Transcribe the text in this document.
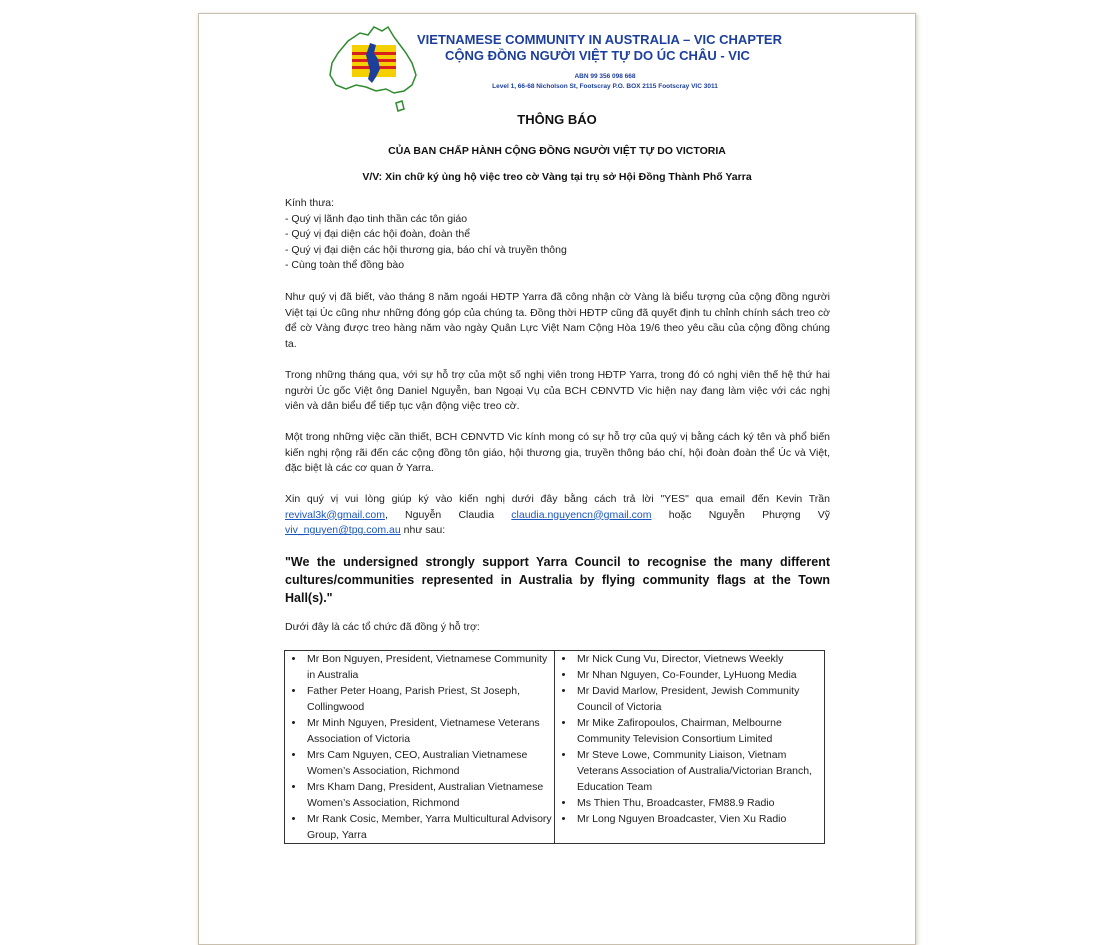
VIETNAMESE COMMUNITY IN AUSTRALIA – VIC CHAPTER
CỘNG ĐỒNG NGƯỜI VIỆT TỰ DO ÚC CHÂU - VIC
ABN 99 356 098 668
Level 1, 66-68 Nicholson St, Footscray P.O. BOX 2115 Footscray VIC 3011
THÔNG BÁO
CỦA BAN CHẤP HÀNH CỘNG ĐỒNG NGƯỜI VIỆT TỰ DO VICTORIA
V/V: Xin chữ ký ủng hộ việc treo cờ Vàng tại trụ sở Hội Đồng Thành Phố Yarra
Kính thưa:
- Quý vị lãnh đạo tinh thần các tôn giáo
- Quý vị đại diện các hội đoàn, đoàn thể
- Quý vị đại diện các hội thương gia, báo chí và truyền thông
- Cùng toàn thể đồng bào
Như quý vị đã biết, vào tháng 8 năm ngoái HĐTP Yarra đã công nhận cờ Vàng là biểu tượng của cộng đồng người Việt tại Úc cũng như những đóng góp của chúng ta. Đồng thời HĐTP cũng đã quyết định tu chỉnh chính sách treo cờ để cờ Vàng được treo hàng năm vào ngày Quân Lực Việt Nam Cộng Hòa 19/6 theo yêu cầu của cộng đồng chúng ta.
Trong những tháng qua, với sự hỗ trợ của một số nghị viên trong HĐTP Yarra, trong đó có nghị viên thế hệ thứ hai người Úc gốc Việt ông Daniel Nguyễn, ban Ngoại Vụ của BCH CĐNVTD Vic hiện nay đang làm việc với các nghị viên và dân biểu để tiếp tục vận động việc treo cờ.
Một trong những việc cần thiết, BCH CĐNVTD Vic kính mong có sự hỗ trợ của quý vị bằng cách ký tên và phổ biến kiến nghị rộng rãi đến các cộng đồng tôn giáo, hội thương gia, truyền thông báo chí, hội đoàn đoàn thể Úc và Việt, đặc biệt là các cơ quan ở Yarra.
Xin quý vị vui lòng giúp ký vào kiến nghị dưới đây bằng cách trả lời "YES" qua email đến Kevin Trần revival3k@gmail.com, Nguyễn Claudia claudia.nguyencn@gmail.com hoặc Nguyễn Phượng Vỹ viv_nguyen@tpg.com.au như sau:
"We the undersigned strongly support Yarra Council to recognise the many different cultures/communities represented in Australia by flying community flags at the Town Hall(s)."
Dưới đây là các tổ chức đã đồng ý hỗ trợ:
• Mr Bon Nguyen, President, Vietnamese Community in Australia
• Father Peter Hoang, Parish Priest, St Joseph, Collingwood
• Mr Minh Nguyen, President, Vietnamese Veterans Association of Victoria
• Mrs Cam Nguyen, CEO, Australian Vietnamese Women’s Association, Richmond
• Mrs Kham Dang, President, Australian Vietnamese Women’s Association, Richmond
• Mr Rank Cosic, Member, Yarra Multicultural Advisory Group, Yarra

• Mr Nick Cung Vu, Director, Vietnews Weekly
• Mr Nhan Nguyen, Co-Founder, LyHuong Media
• Mr David Marlow, President, Jewish Community Council of Victoria
• Mr Mike Zafiropoulos, Chairman, Melbourne Community Television Consortium Limited
• Mr Steve Lowe, Community Liaison, Vietnam Veterans Association of Australia/Victorian Branch, Education Team
• Ms Thien Thu, Broadcaster, FM88.9 Radio
• Mr Long Nguyen Broadcaster, Vien Xu Radio
